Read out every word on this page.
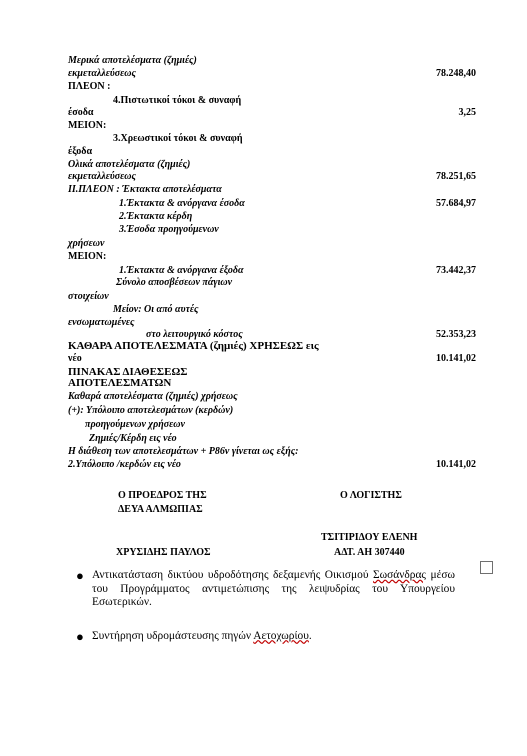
Μερικά αποτελέσματα (ζημιές)
εκμεταλλεύσεως	78.248,40
ΠΛΕΟΝ :
4.Πιστωτικοί τόκοι & συναφή
έσοδα	3,25
ΜΕΙΟΝ:
3.Χρεωστικοί τόκοι & συναφή
έξοδα
Ολικά αποτελέσματα (ζημιές)
εκμεταλλεύσεως	78.251,65
ΙΙ.ΠΛΕΟΝ : Έκτακτα αποτελέσματα
1.Έκτακτα & ανόργανα έσοδα	57.684,97
2.Έκτακτα κέρδη
3.Έσοδα προηγούμενων
χρήσεων
ΜΕΙΟΝ:
1.Έκτακτα & ανόργανα έξοδα	73.442,37
Σύνολο αποσβέσεων πάγιων
στοιχείων
Μείον: Οι από αυτές
ενσωματωμένες
στο λειτουργικό κόστος	52.353,23
ΚΑΘΑΡΑ ΑΠΟΤΕΛΕΣΜΑΤΑ (ζημιές) ΧΡΗΣΕΩΣ εις
νέο	10.141,02
ΠΙΝΑΚΑΣ ΔΙΑΘΕΣΕΩΣ
ΑΠΟΤΕΛΕΣΜΑΤΩΝ
Καθαρά αποτελέσματα (ζημιές) χρήσεως
(+): Υπόλοιπο αποτελεσμάτων (κερδών)
προηγούμενων χρήσεων
Ζημιές/Κέρδη εις νέο
Η διάθεση των αποτελεσμάτων + Ρ86ν γίνεται ως εξής:
2.Υπόλοιπο /κερδών εις νέο	10.141,02
Ο ΠΡΟΕΔΡΟΣ ΤΗΣ
ΔΕΥΑ ΑΛΜΩΠΙΑΣ
Ο ΛΟΓΙΣΤΗΣ
ΤΣΙΤΙΡΙΔΟΥ ΕΛΕΝΗ
ΧΡΥΣΙΔΗΣ ΠΑΥΛΟΣ	ΑΔΤ. ΑΗ 307440
● Αντικατάσταση δικτύου υδροδότησης δεξαμενής Οικισμού Σωσάνδρας μέσω του Προγράμματος αντιμετώπισης της λειψυδρίας του Υπουργείου Εσωτερικών.
● Συντήρηση υδρομάστευσης πηγών Αετοχωρίου.
